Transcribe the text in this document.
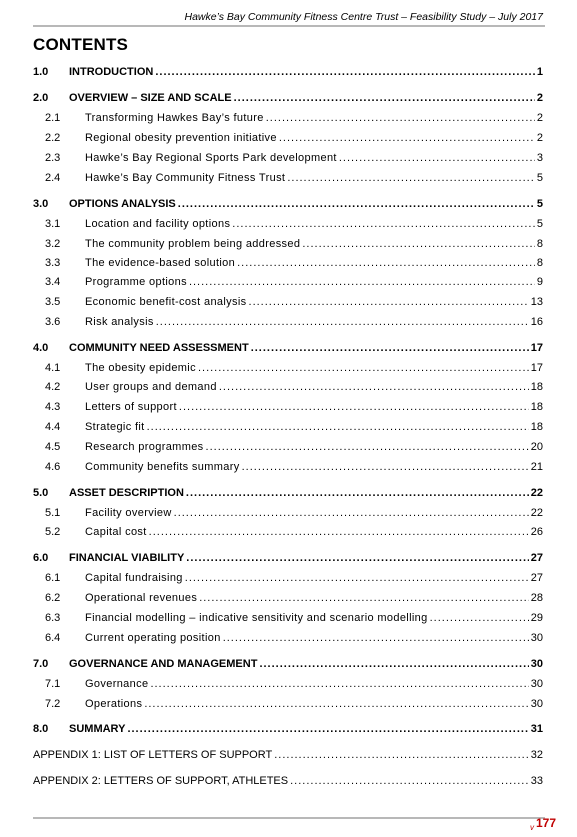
Hawke’s Bay Community Fitness Centre Trust – Feasibility Study – July 2017
CONTENTS
1.0	INTRODUCTION .....	1
2.0	OVERVIEW – SIZE AND SCALE .....	2
2.1	Transforming Hawkes Bay’s future .....	2
2.2	Regional obesity prevention initiative .....	2
2.3	Hawke’s Bay Regional Sports Park development .....	3
2.4	Hawke’s Bay Community Fitness Trust .....	5
3.0	OPTIONS ANALYSIS .....	5
3.1	Location and facility options .....	5
3.2	The community problem being addressed .....	8
3.3	The evidence-based solution .....	8
3.4	Programme options .....	9
3.5	Economic benefit-cost analysis .....	13
3.6	Risk analysis .....	16
4.0	COMMUNITY NEED ASSESSMENT .....	17
4.1	The obesity epidemic .....	17
4.2	User groups and demand .....	18
4.3	Letters of support .....	18
4.4	Strategic fit .....	18
4.5	Research programmes .....	20
4.6	Community benefits summary .....	21
5.0	ASSET DESCRIPTION .....	22
5.1	Facility overview .....	22
5.2	Capital cost .....	26
6.0	FINANCIAL VIABILITY .....	27
6.1	Capital fundraising .....	27
6.2	Operational revenues .....	28
6.3	Financial modelling – indicative sensitivity and scenario modelling .....	29
6.4	Current operating position .....	30
7.0	GOVERNANCE AND MANAGEMENT .....	30
7.1	Governance .....	30
7.2	Operations .....	30
8.0	SUMMARY .....	31
APPENDIX 1: LIST OF LETTERS OF SUPPORT .....	32
APPENDIX 2: LETTERS OF SUPPORT, ATHLETES .....	33
v 177
